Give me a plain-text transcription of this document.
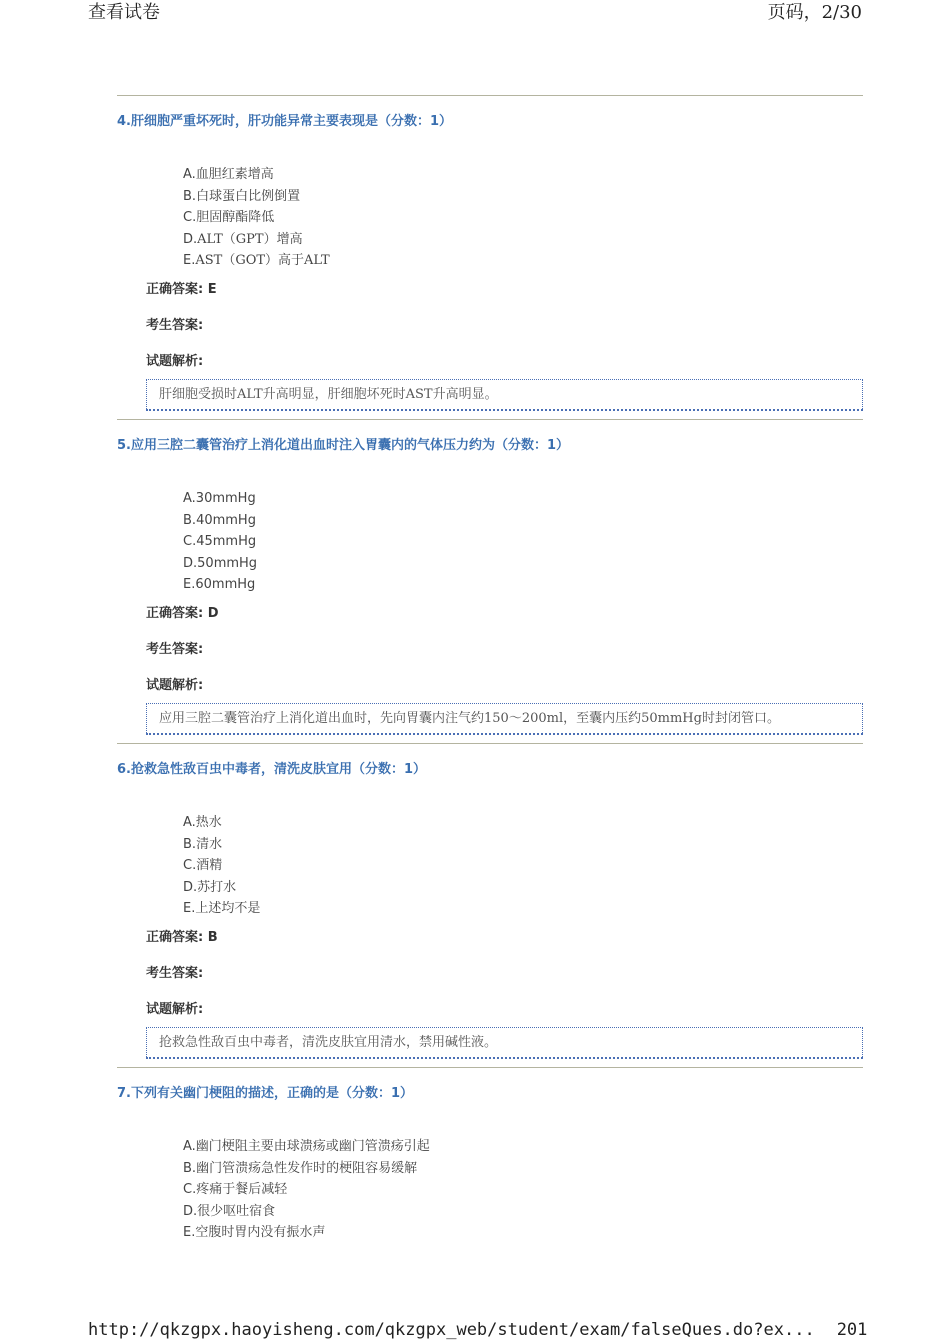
查看试卷	页码，2/30
4.肝细胞严重坏死时，肝功能异常主要表现是（分数：1）
A.血胆红素增高
B.白球蛋白比例倒置
C.胆固醇酯降低
D.ALT（GPT）增高
E.AST（GOT）高于ALT
正确答案: E
考生答案:
试题解析:
肝细胞受损时ALT升高明显，肝细胞坏死时AST升高明显。
5.应用三腔二囊管治疗上消化道出血时注入胃囊内的气体压力约为（分数：1）
A.30mmHg
B.40mmHg
C.45mmHg
D.50mmHg
E.60mmHg
正确答案: D
考生答案:
试题解析:
应用三腔二囊管治疗上消化道出血时，先向胃囊内注气约150～200ml，至囊内压约50mmHg时封闭管口。
6.抢救急性敌百虫中毒者，清洗皮肤宜用（分数：1）
A.热水
B.清水
C.酒精
D.苏打水
E.上述均不是
正确答案: B
考生答案:
试题解析:
抢救急性敌百虫中毒者，清洗皮肤宜用清水，禁用碱性液。
7.下列有关幽门梗阻的描述，正确的是（分数：1）
A.幽门梗阻主要由球溃疡或幽门管溃疡引起
B.幽门管溃疡急性发作时的梗阻容易缓解
C.疼痛于餐后减轻
D.很少呕吐宿食
E.空腹时胃内没有振水声
http://qkzgpx.haoyisheng.com/qkzgpx_web/student/exam/falseQues.do?ex... 201
